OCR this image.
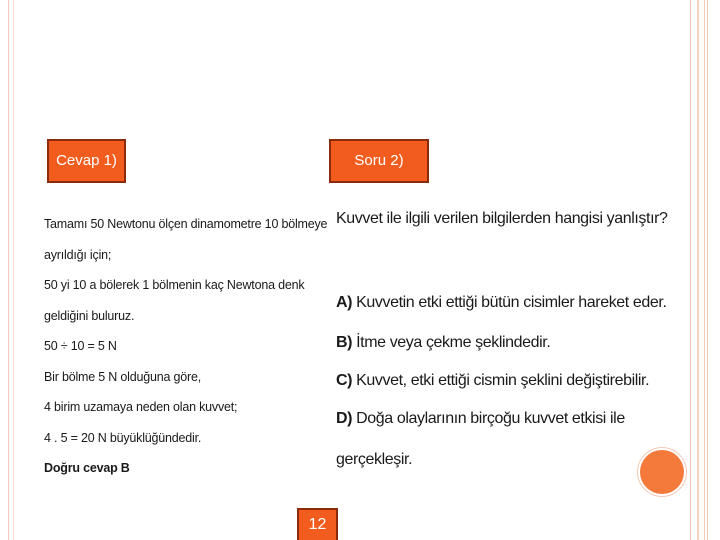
Cevap 1)	Soru 2)
Tamamı 50 Newtonu ölçen dinamometre 10 bölmeye
ayrıldığı için;
50 yi 10 a bölerek 1 bölmenin kaç Newtona denk
geldiğini buluruz.
50 ÷ 10 = 5 N
Bir bölme 5 N olduğuna göre,
4 birim uzamaya neden olan kuvvet;
4 . 5 = 20 N büyüklüğündedir.
Doğru cevap B
Kuvvet ile ilgili verilen bilgilerden hangisi yanlıştır?
A) Kuvvetin etki ettiği bütün cisimler hareket eder.
B) İtme veya çekme şeklindedir.
C) Kuvvet, etki ettiği cismin şeklini değiştirebilir.
D) Doğa olaylarının birçoğu kuvvet etkisi ile
gerçekleşir.
12
